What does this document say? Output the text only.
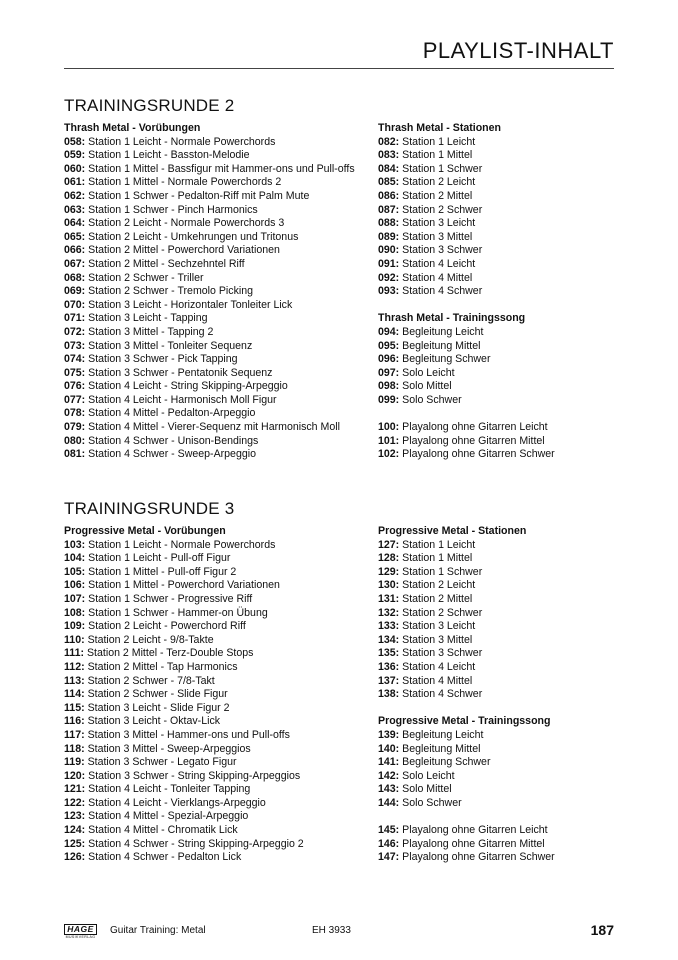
PLAYLIST-INHALT
TRAININGSRUNDE 2
Thrash Metal - Vorübungen
058: Station 1 Leicht - Normale Powerchords
059: Station 1 Leicht - Basston-Melodie
060: Station 1 Mittel - Bassfigur mit Hammer-ons und Pull-offs
061: Station 1 Mittel - Normale Powerchords 2
062: Station 1 Schwer - Pedalton-Riff mit Palm Mute
063: Station 1 Schwer - Pinch Harmonics
064: Station 2 Leicht - Normale Powerchords 3
065: Station 2 Leicht - Umkehrungen und Tritonus
066: Station 2 Mittel - Powerchord Variationen
067: Station 2 Mittel - Sechzehntel Riff
068: Station 2 Schwer - Triller
069: Station 2 Schwer - Tremolo Picking
070: Station 3 Leicht - Horizontaler Tonleiter Lick
071: Station 3 Leicht - Tapping
072: Station 3 Mittel - Tapping 2
073: Station 3 Mittel - Tonleiter Sequenz
074: Station 3 Schwer - Pick Tapping
075: Station 3 Schwer - Pentatonik Sequenz
076: Station 4 Leicht - String Skipping-Arpeggio
077: Station 4 Leicht - Harmonisch Moll Figur
078: Station 4 Mittel - Pedalton-Arpeggio
079: Station 4 Mittel - Vierer-Sequenz mit Harmonisch Moll
080: Station 4 Schwer - Unison-Bendings
081: Station 4 Schwer - Sweep-Arpeggio
Thrash Metal - Stationen
082: Station 1 Leicht
083: Station 1 Mittel
084: Station 1 Schwer
085: Station 2 Leicht
086: Station 2 Mittel
087: Station 2 Schwer
088: Station 3 Leicht
089: Station 3 Mittel
090: Station 3 Schwer
091: Station 4 Leicht
092: Station 4 Mittel
093: Station 4 Schwer
Thrash Metal - Trainingssong
094: Begleitung Leicht
095: Begleitung Mittel
096: Begleitung Schwer
097: Solo Leicht
098: Solo Mittel
099: Solo Schwer
100: Playalong ohne Gitarren Leicht
101: Playalong ohne Gitarren Mittel
102: Playalong ohne Gitarren Schwer
TRAININGSRUNDE 3
Progressive Metal - Vorübungen
103: Station 1 Leicht - Normale Powerchords
104: Station 1 Leicht - Pull-off Figur
105: Station 1 Mittel - Pull-off Figur 2
106: Station 1 Mittel - Powerchord Variationen
107: Station 1 Schwer - Progressive Riff
108: Station 1 Schwer - Hammer-on Übung
109: Station 2 Leicht - Powerchord Riff
110: Station 2 Leicht - 9/8-Takte
111: Station 2 Mittel - Terz-Double Stops
112: Station 2 Mittel - Tap Harmonics
113: Station 2 Schwer - 7/8-Takt
114: Station 2 Schwer - Slide Figur
115: Station 3 Leicht - Slide Figur 2
116: Station 3 Leicht - Oktav-Lick
117: Station 3 Mittel - Hammer-ons und Pull-offs
118: Station 3 Mittel - Sweep-Arpeggios
119: Station 3 Schwer - Legato Figur
120: Station 3 Schwer - String Skipping-Arpeggios
121: Station 4 Leicht - Tonleiter Tapping
122: Station 4 Leicht - Vierklangs-Arpeggio
123: Station 4 Mittel - Spezial-Arpeggio
124: Station 4 Mittel - Chromatik Lick
125: Station 4 Schwer - String Skipping-Arpeggio 2
126: Station 4 Schwer - Pedalton Lick
Progressive Metal - Stationen
127: Station 1 Leicht
128: Station 1 Mittel
129: Station 1 Schwer
130: Station 2 Leicht
131: Station 2 Mittel
132: Station 2 Schwer
133: Station 3 Leicht
134: Station 3 Mittel
135: Station 3 Schwer
136: Station 4 Leicht
137: Station 4 Mittel
138: Station 4 Schwer
Progressive Metal - Trainingssong
139: Begleitung Leicht
140: Begleitung Mittel
141: Begleitung Schwer
142: Solo Leicht
143: Solo Mittel
144: Solo Schwer
145: Playalong ohne Gitarren Leicht
146: Playalong ohne Gitarren Mittel
147: Playalong ohne Gitarren Schwer
HAGE
MUSIKVERLAG
Guitar Training: Metal	EH 3933	187
